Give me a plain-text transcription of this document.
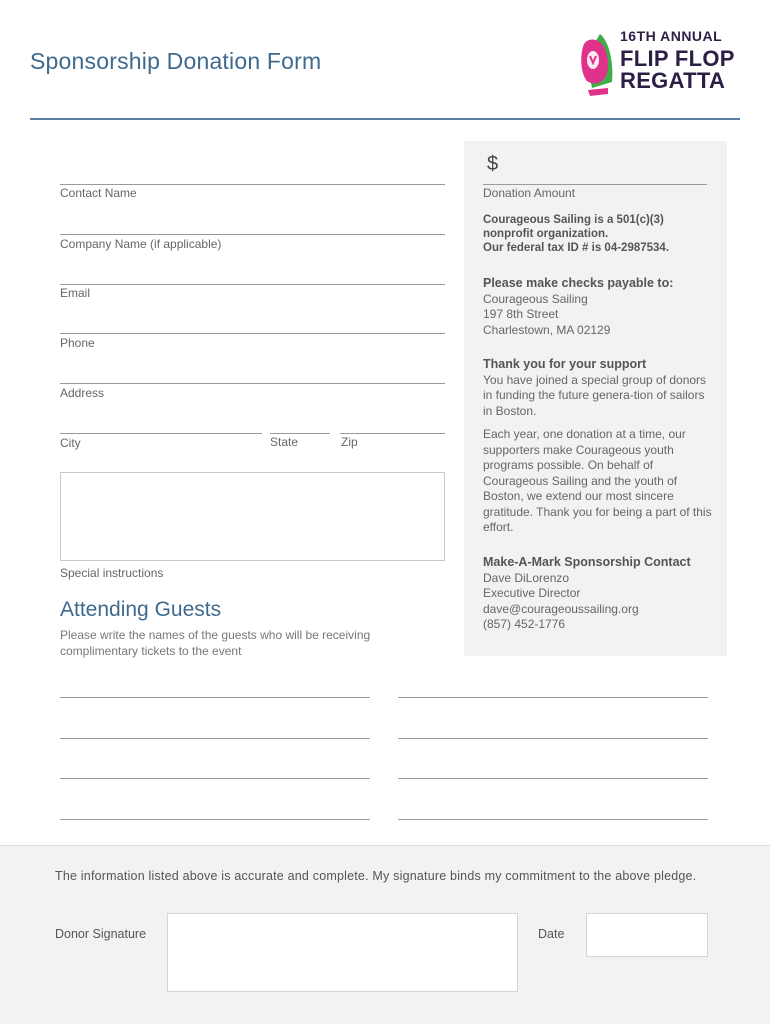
Sponsorship Donation Form
16TH ANNUAL
FLIP FLOP
REGATTA
Contact Name
Company Name (if applicable)
Email
Phone
Address
City	State	Zip
Special instructions
Attending Guests
Please write the names of the guests who will be receiving complimentary tickets to the event
$
Donation Amount
Courageous Sailing is a 501(c)(3) nonprofit organization.
Our federal tax ID # is 04-2987534.
Please make checks payable to:
Courageous Sailing
197 8th Street
Charlestown, MA 02129
Thank you for your support
You have joined a special group of donors in funding the future genera-tion of sailors in Boston.
Each year, one donation at a time, our supporters make Courageous youth programs possible. On behalf of Courageous Sailing and the youth of Boston, we extend our most sincere gratitude. Thank you for being a part of this effort.
Make-A-Mark Sponsorship Contact
Dave DiLorenzo
Executive Director
dave@courageoussailing.org
(857) 452-1776
The information listed above is accurate and complete. My signature binds my commitment to the above pledge.
Donor Signature	Date
